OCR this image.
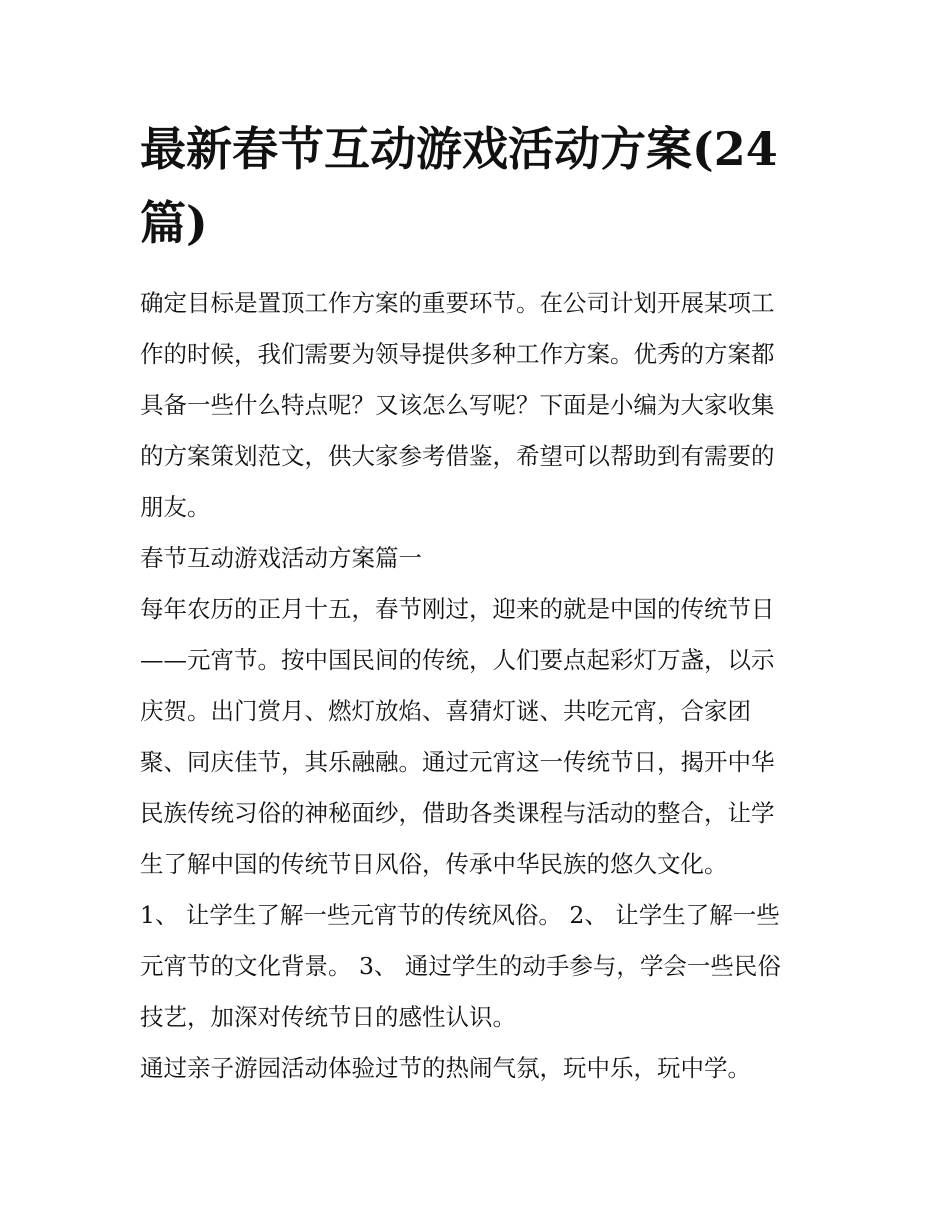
最新春节互动游戏活动方案(24
篇)

确定目标是置顶工作方案的重要环节。在公司计划开展某项工
作的时候，我们需要为领导提供多种工作方案。优秀的方案都
具备一些什么特点呢？又该怎么写呢？下面是小编为大家收集
的方案策划范文，供大家参考借鉴，希望可以帮助到有需要的
朋友。

春节互动游戏活动方案篇一

每年农历的正月十五，春节刚过，迎来的就是中国的传统节日
——元宵节。按中国民间的传统，人们要点起彩灯万盏，以示
庆贺。出门赏月、燃灯放焰、喜猜灯谜、共吃元宵，合家团
聚、同庆佳节，其乐融融。通过元宵这一传统节日，揭开中华
民族传统习俗的神秘面纱，借助各类课程与活动的整合，让学
生了解中国的传统节日风俗，传承中华民族的悠久文化。

1、 让学生了解一些元宵节的传统风俗。 2、 让学生了解一些
元宵节的文化背景。 3、 通过学生的动手参与，学会一些民俗
技艺，加深对传统节日的感性认识。

通过亲子游园活动体验过节的热闹气氛，玩中乐，玩中学。
